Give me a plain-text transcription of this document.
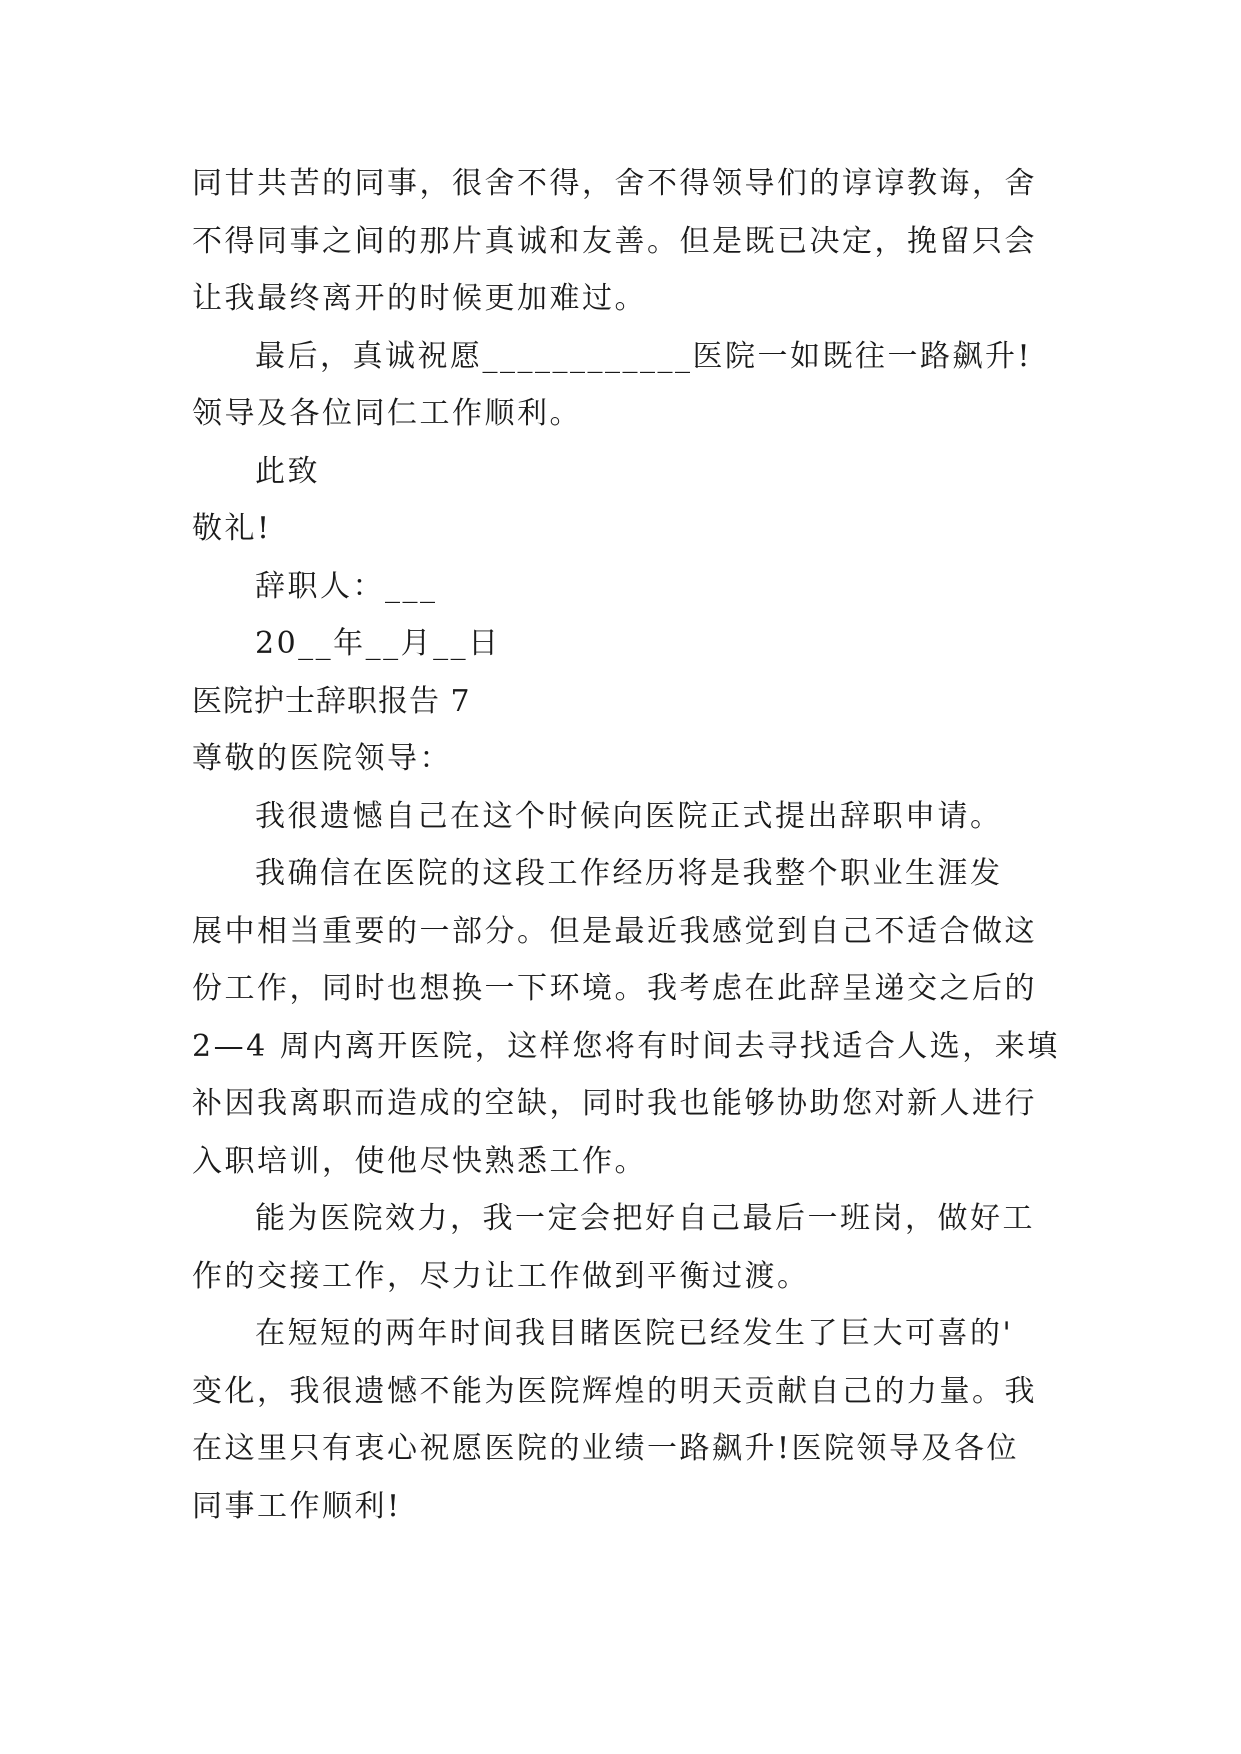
同甘共苦的同事，很舍不得，舍不得领导们的谆谆教诲，舍
不得同事之间的那片真诚和友善。但是既已决定，挽留只会
让我最终离开的时候更加难过。
最后，真诚祝愿____________医院一如既往一路飙升!
领导及各位同仁工作顺利。
此致
敬礼!
辞职人：___
20__年__月__日
医院护士辞职报告 7
尊敬的医院领导：
我很遗憾自己在这个时候向医院正式提出辞职申请。
我确信在医院的这段工作经历将是我整个职业生涯发
展中相当重要的一部分。但是最近我感觉到自己不适合做这
份工作，同时也想换一下环境。我考虑在此辞呈递交之后的
2—4 周内离开医院，这样您将有时间去寻找适合人选，来填
补因我离职而造成的空缺，同时我也能够协助您对新人进行
入职培训，使他尽快熟悉工作。
能为医院效力，我一定会把好自己最后一班岗，做好工
作的交接工作，尽力让工作做到平衡过渡。
在短短的两年时间我目睹医院已经发生了巨大可喜的'
变化，我很遗憾不能为医院辉煌的明天贡献自己的力量。我
在这里只有衷心祝愿医院的业绩一路飙升!医院领导及各位
同事工作顺利!
